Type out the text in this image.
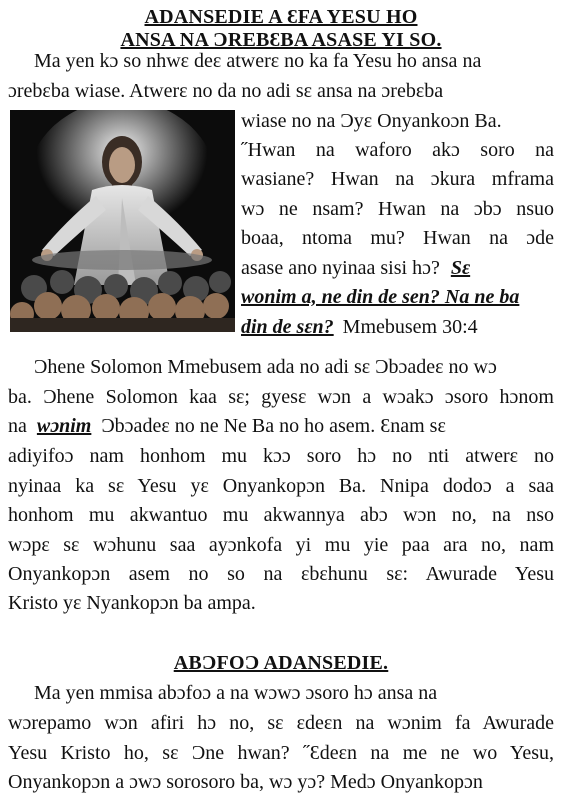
ADANSEDIE A ƐFA YESU HO
ANSA NA ƆREBƐBA ASASE YI SO.
Ma yen kɔ so nhwɛ deɛ atwerɛ no ka fa Yesu ho ansa na
ɔrebɛba wiase. Atwerɛ no da no adi sɛ ansa na ɔrebɛba
wiase no na Ɔyɛ Onyankoɔn Ba.
˝Hwan na waforo akɔ soro na
wasiane? Hwan na ɔkura mframa
wɔ ne nsam? Hwan na ɔbɔ nsuo
boaa, ntoma mu? Hwan na ɔde
asase ano nyinaa sisi hɔ? Sɛ
wonim a, ne din de sen? Na ne ba
din de sɛn? Mmebusem 30:4
Ɔhene Solomon Mmebusem ada no adi sɛ Ɔbɔadeɛ no wɔ
ba. Ɔhene Solomon kaa sɛ; gyesɛ wɔn a wɔakɔ ɔsoro hɔnom
na wɔnim Ɔbɔadeɛ no ne Ne Ba no ho asem. Ɛnam sɛ
adiyifoɔ nam honhom mu kɔɔ soro hɔ no nti atwerɛ no
nyinaa ka sɛ Yesu yɛ Onyankopɔn Ba. Nnipa dodoɔ a saa
honhom mu akwantuo mu akwannya abɔ wɔn no, na nso
wɔpɛ sɛ wɔhunu saa ayɔnkofa yi mu yie paa ara no, nam
Onyankopɔn asem no so na ɛbɛhunu sɛ: Awurade Yesu
Kristo yɛ Nyankopɔn ba ampa.
ABƆFOƆ ADANSEDIE.
Ma yen mmisa abɔfoɔ a na wɔwɔ ɔsoro hɔ ansa na
wɔrepamo wɔn afiri hɔ no, sɛ ɛdeɛn na wɔnim fa Awurade
Yesu Kristo ho, sɛ Ɔne hwan? ˝Ɛdeɛn na me ne wo Yesu,
Onyankopɔn a ɔwɔ sorosoro ba, wɔ yɔ? Medɔ Onyankopɔn
